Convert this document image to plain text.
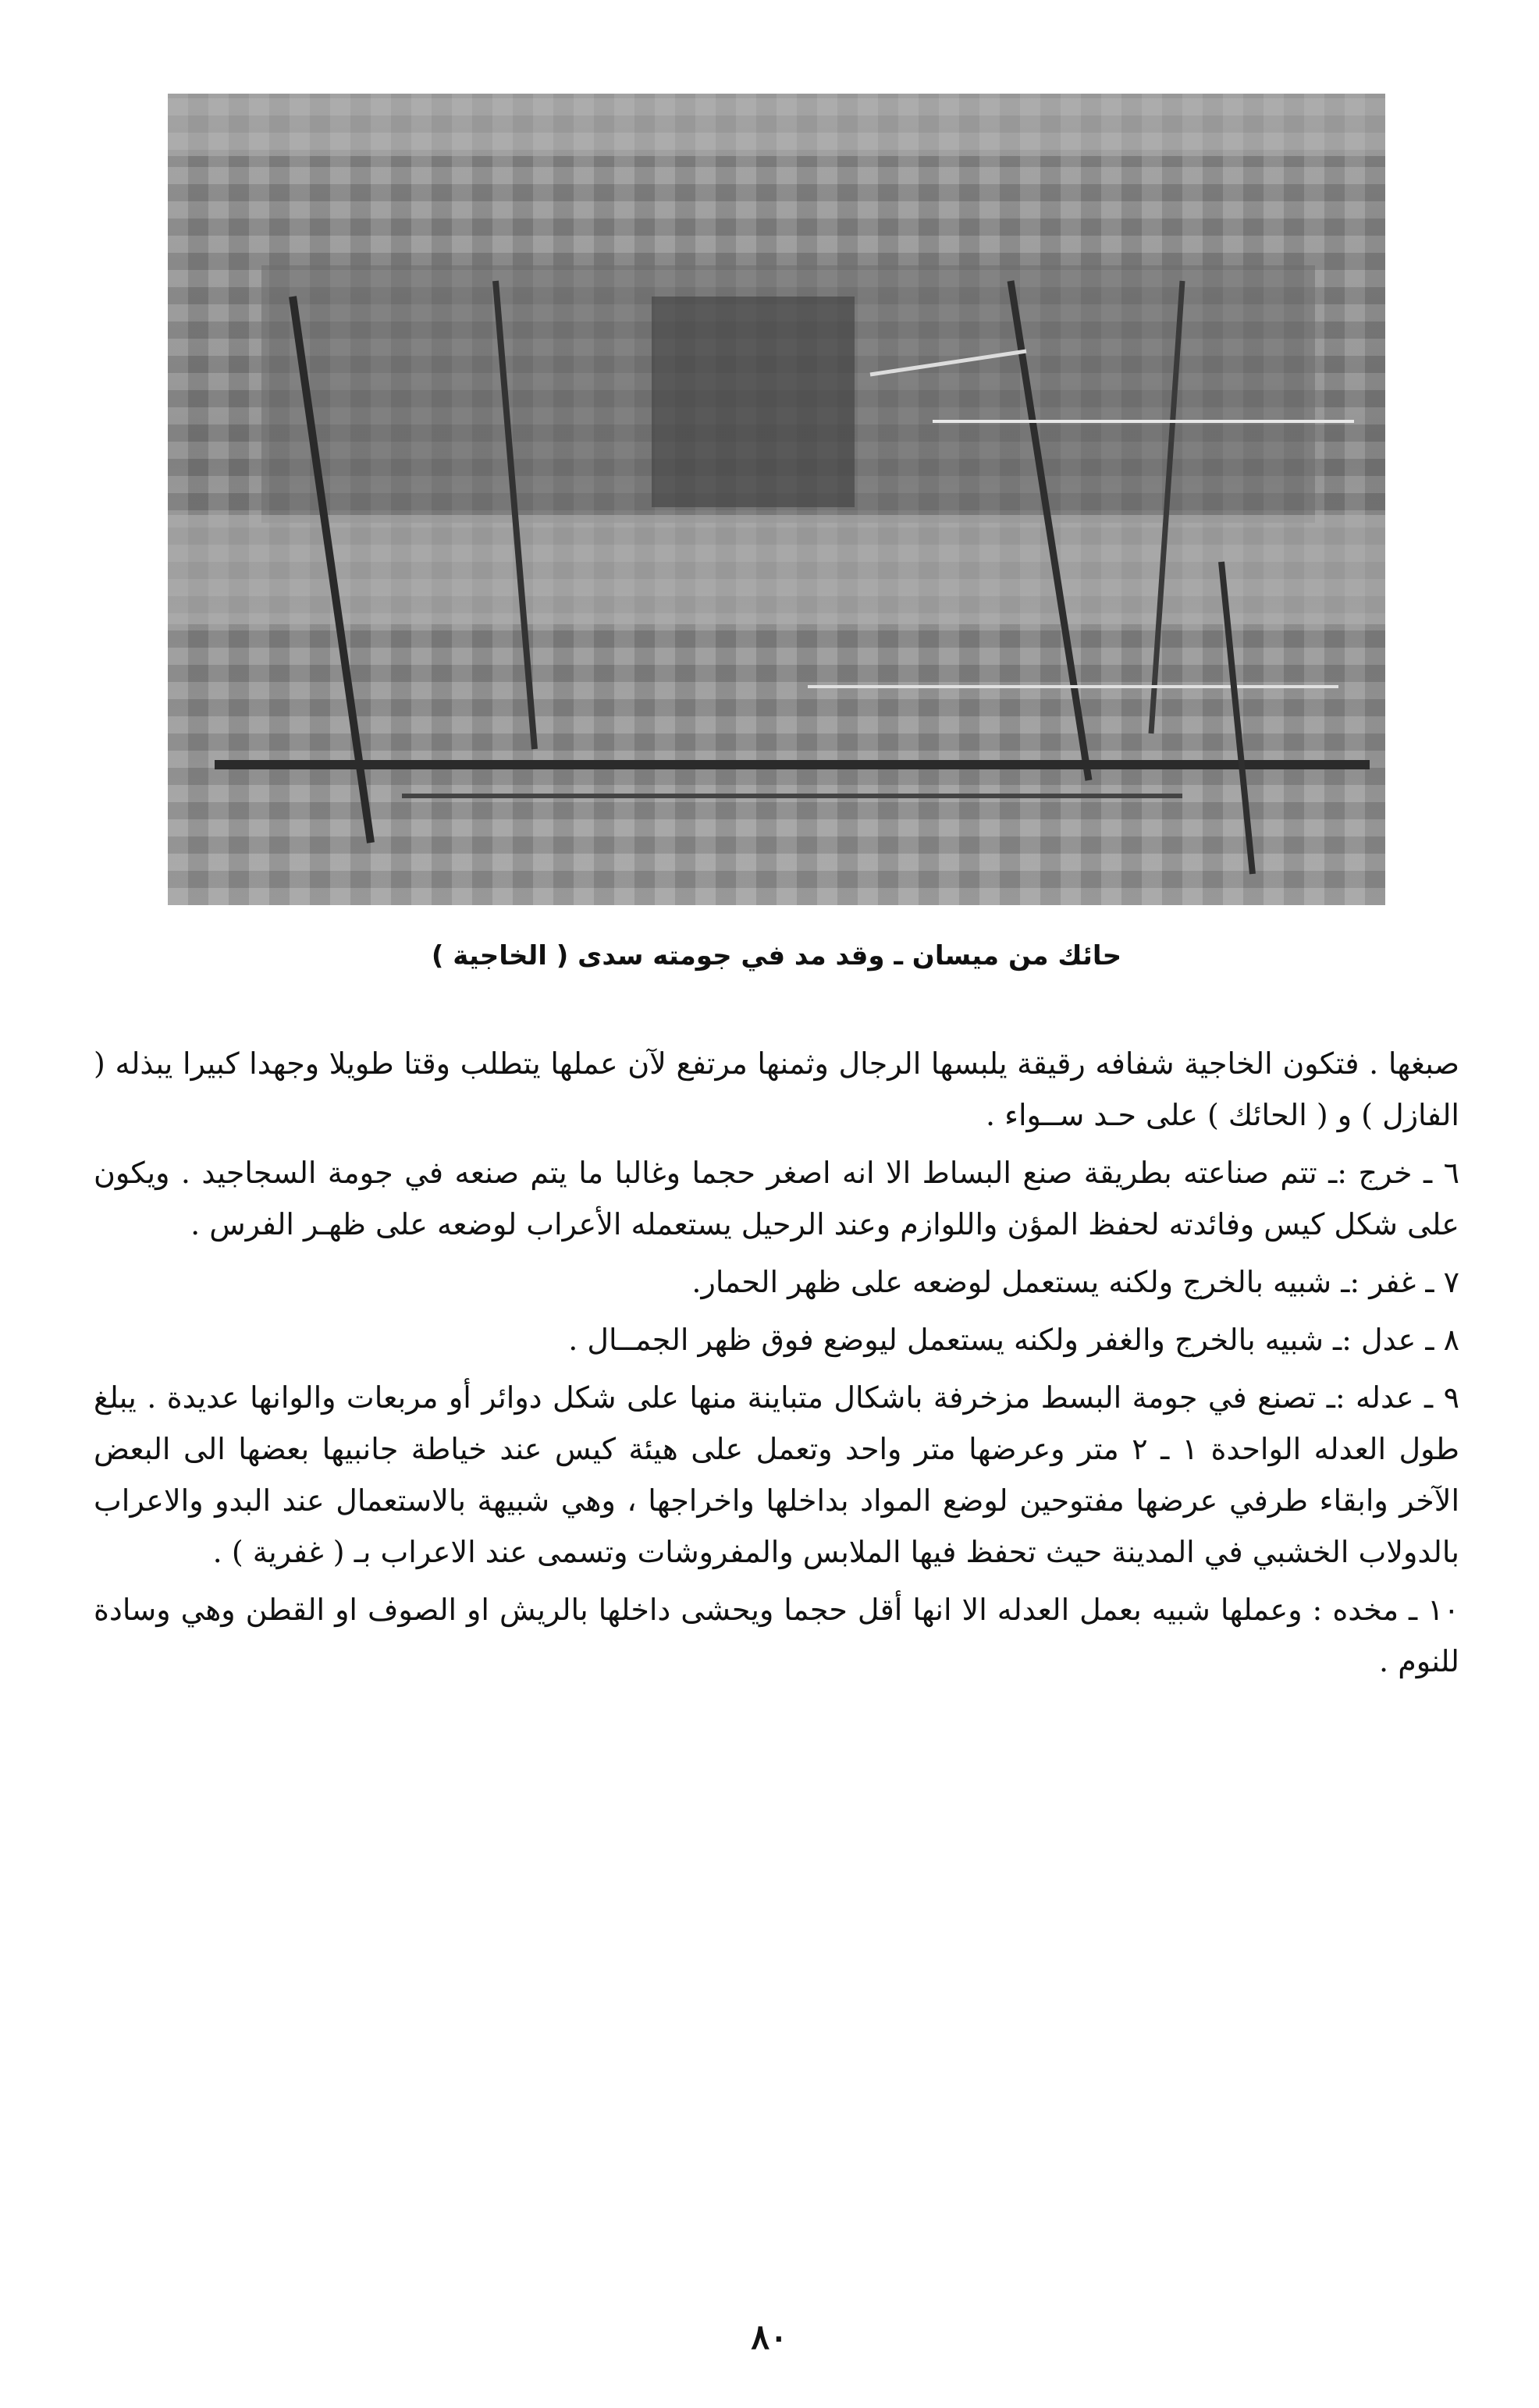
حائك من ميسان ـ وقد مد في جومته سدى ( الخاجية )

صبغها . فتكون الخاجية شفافه رقيقة يلبسها الرجال وثمنها مرتفع لآن عملها يتطلب وقتا طويلا وجهدا كبيرا يبذله ( الفازل ) و ( الحائك ) على حـد ســواء .

٦ ـ خرج :ـ تتم صناعته بطريقة صنع البساط الا انه اصغر حجما وغالبا ما يتم صنعه في جومة السجاجيد . ويكون على شكل كيس وفائدته لحفظ المؤن واللوازم وعند الرحيل يستعمله الأعراب لوضعه على ظهـر الفرس .

٧ ـ غفر :ـ شبيه بالخرج ولكنه يستعمل لوضعه على ظهر الحمار.

٨ ـ عدل :ـ شبيه بالخرج والغفر ولكنه يستعمل ليوضع فوق ظهر الجمــال .

٩ ـ عدله :ـ تصنع في جومة البسط مزخرفة باشكال متباينة منها على شكل دوائر أو مربعات والوانها عديدة . يبلغ طول العدله الواحدة ١ ـ ٢ متر وعرضها متر واحد وتعمل على هيئة كيس عند خياطة جانبيها بعضها الى البعض الآخر وابقاء طرفي عرضها مفتوحين لوضع المواد بداخلها واخراجها ، وهي شبيهة بالاستعمال عند البدو والاعراب بالدولاب الخشبي في المدينة حيث تحفظ فيها الملابس والمفروشات وتسمى عند الاعراب بـ ( غفرية ) .

١٠ ـ مخده : وعملها شبيه بعمل العدله الا انها أقل حجما ويحشى داخلها بالريش او الصوف او القطن وهي وسادة للنوم .

٨٠
